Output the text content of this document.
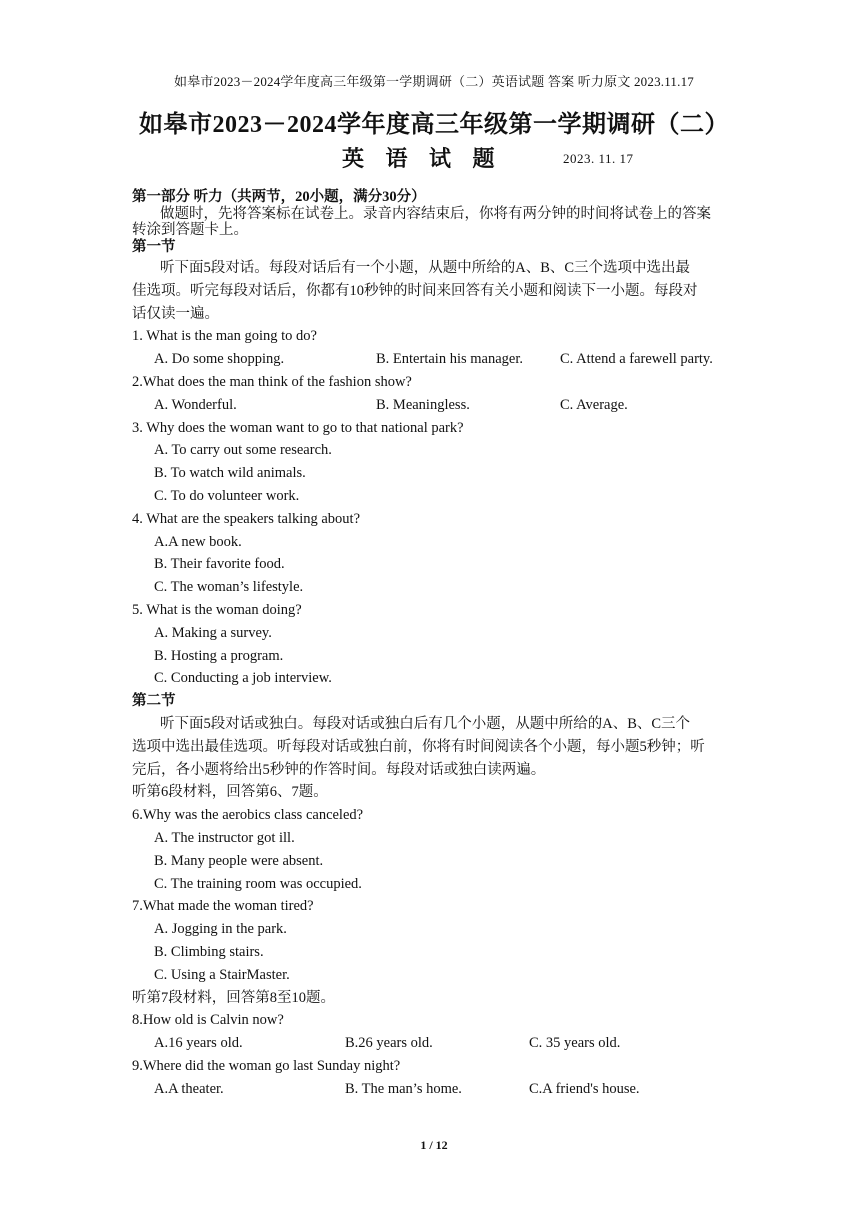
如皋市2023－2024学年度高三年级第一学期调研（二）英语试题 答案 听力原文 2023.11.17
如皋市2023－2024学年度高三年级第一学期调研（二）
英 语 试 题	2023. 11. 17
第一部分 听力（共两节，20小题，满分30分）
做题时，先将答案标在试卷上。录音内容结束后，你将有两分钟的时间将试卷上的答案
转涂到答题卡上。
第一节
听下面5段对话。每段对话后有一个小题，从题中所给的A、B、C三个选项中选出最
佳选项。听完每段对话后，你都有10秒钟的时间来回答有关小题和阅读下一小题。每段对
话仅读一遍。
1. What is the man going to do?
A. Do some shopping.	B. Entertain his manager.	C. Attend a farewell party.
2.What does the man think of the fashion show?
A. Wonderful.	B. Meaningless.	C. Average.
3. Why does the woman want to go to that national park?
A. To carry out some research.
B. To watch wild animals.
C. To do volunteer work.
4. What are the speakers talking about?
A.A new book.
B. Their favorite food.
C. The woman’s lifestyle.
5. What is the woman doing?
A. Making a survey.
B. Hosting a program.
C. Conducting a job interview.
第二节
听下面5段对话或独白。每段对话或独白后有几个小题，从题中所给的A、B、C三个
选项中选出最佳选项。听每段对话或独白前，你将有时间阅读各个小题，每小题5秒钟；听
完后，各小题将给出5秒钟的作答时间。每段对话或独白读两遍。
听第6段材料，回答第6、7题。
6.Why was the aerobics class canceled?
A. The instructor got ill.
B. Many people were absent.
C. The training room was occupied.
7.What made the woman tired?
A. Jogging in the park.
B. Climbing stairs.
C. Using a StairMaster.
听第7段材料，回答第8至10题。
8.How old is Calvin now?
A.16 years old.	B.26 years old.	C. 35 years old.
9.Where did the woman go last Sunday night?
A.A theater.	B. The man’s home.	C.A friend's house.
1 / 12
